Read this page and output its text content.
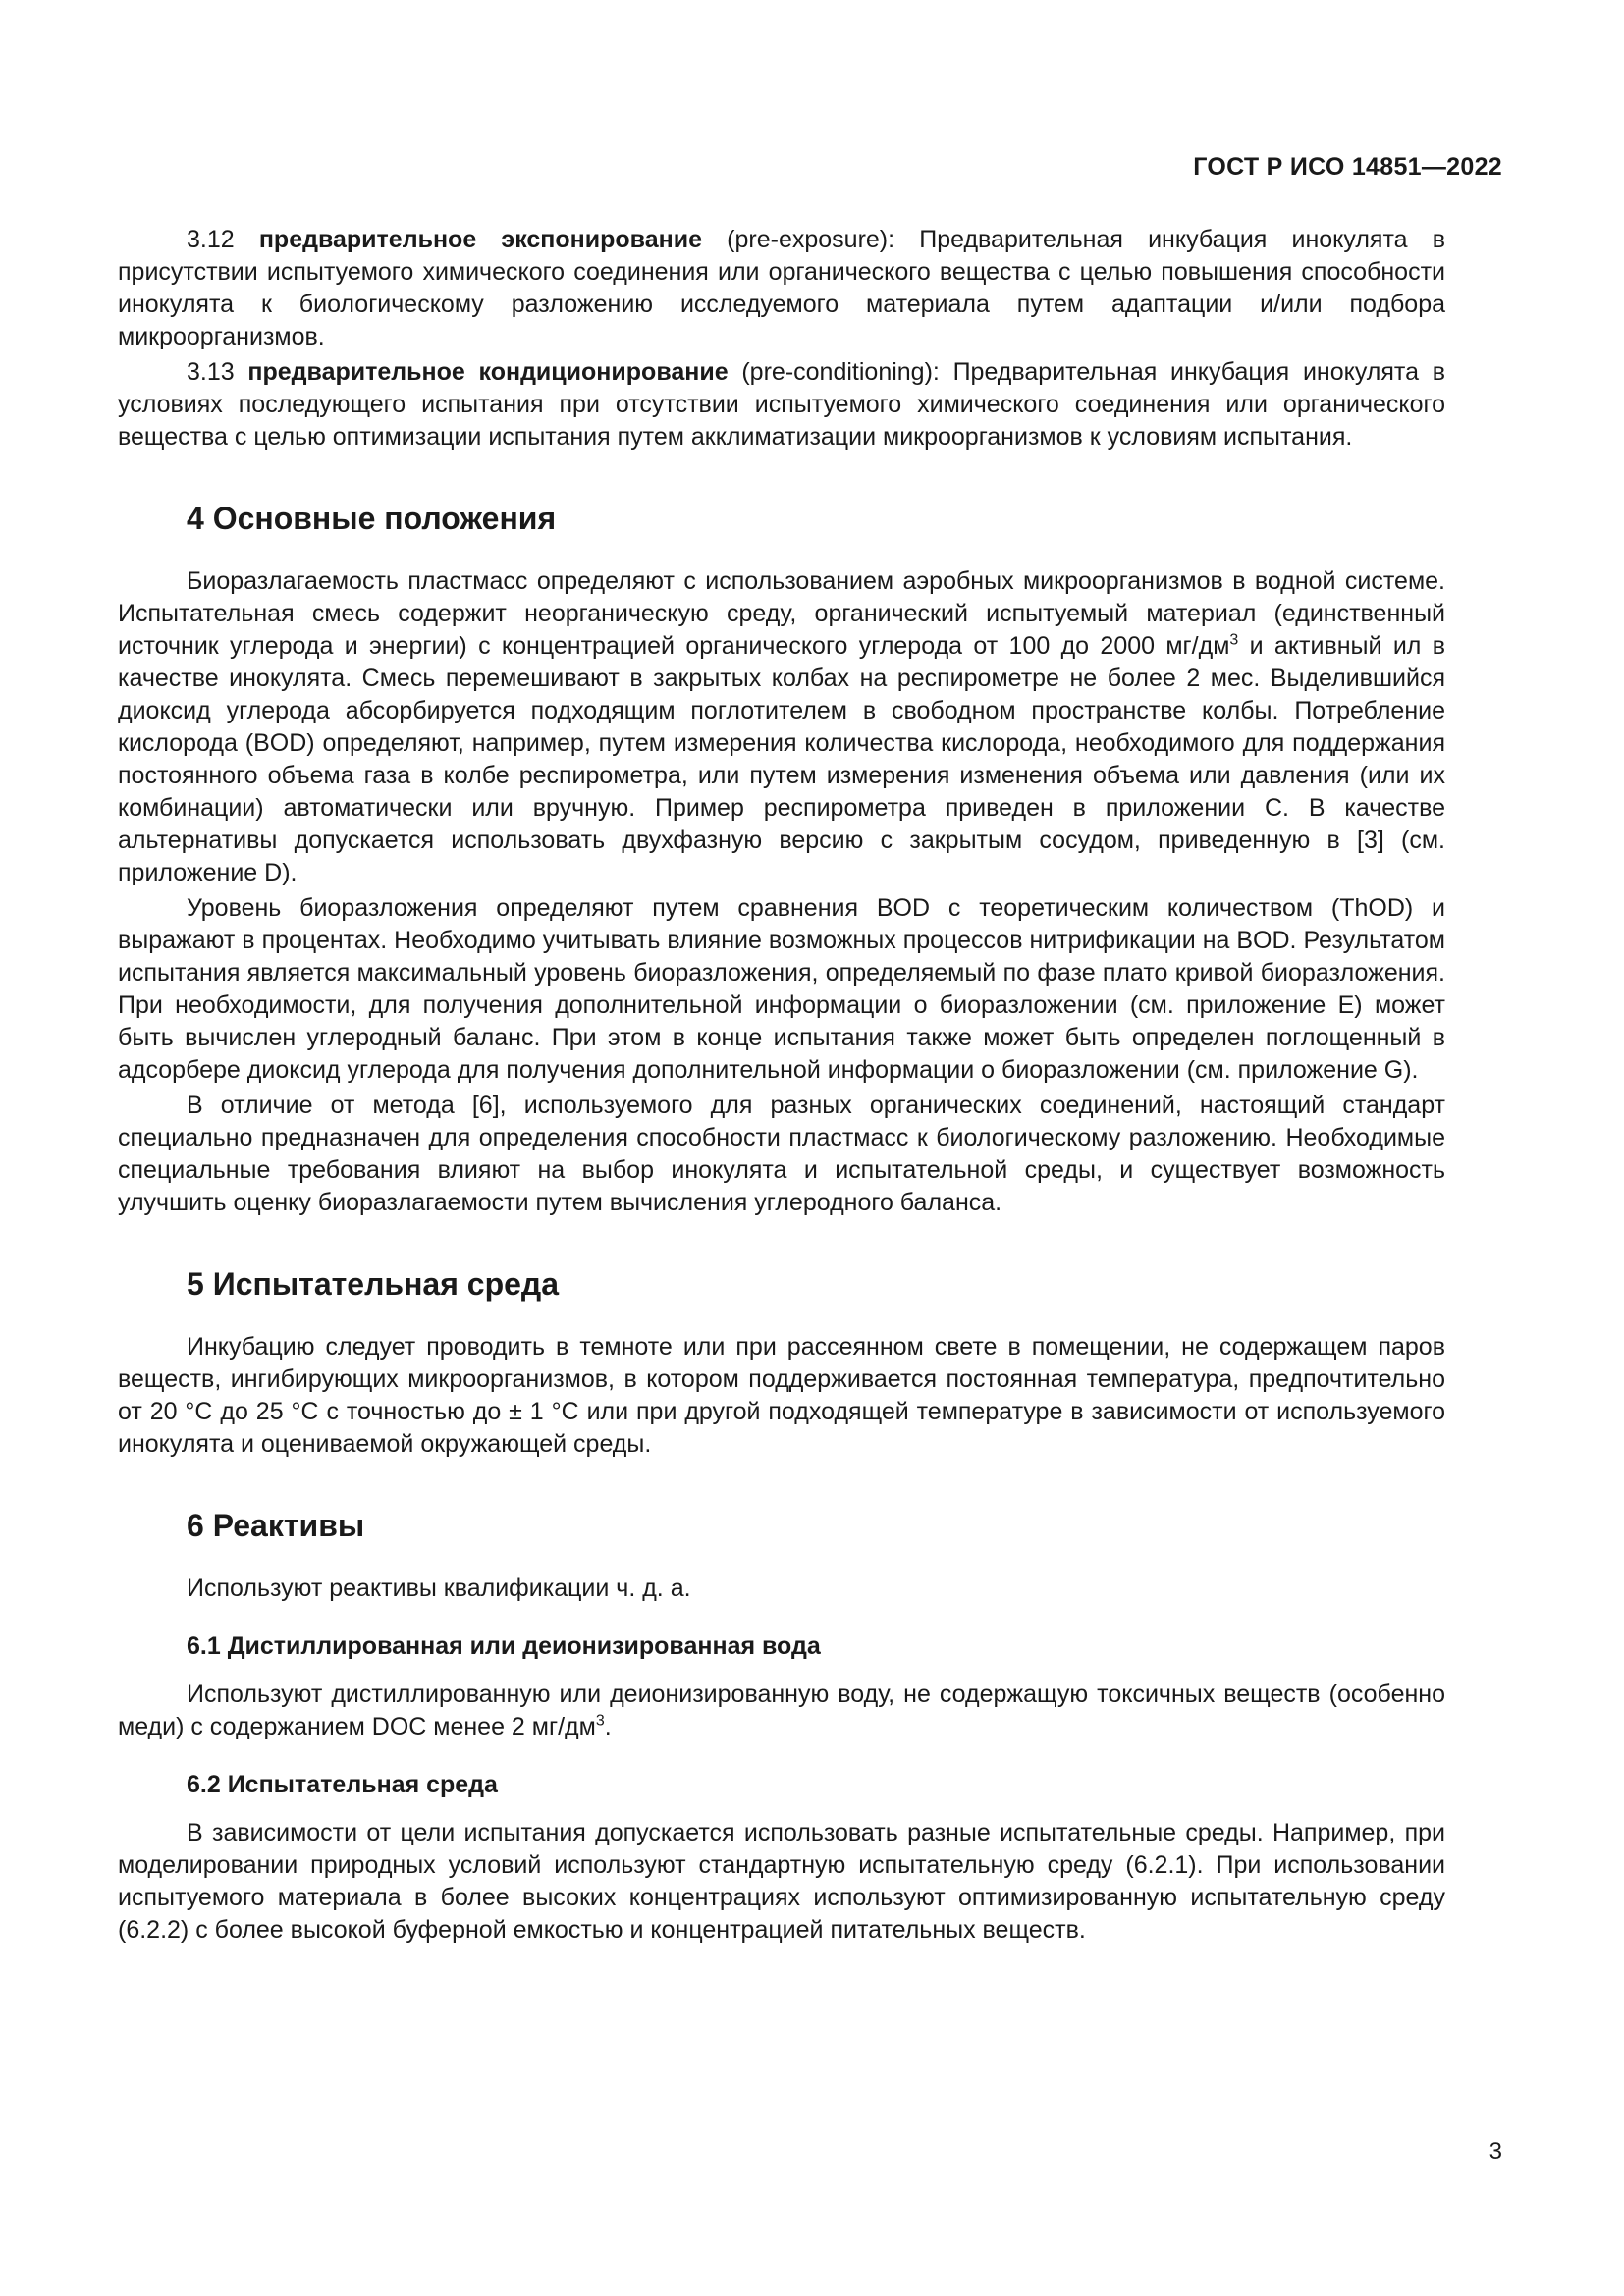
ГОСТ Р ИСО 14851—2022

3.12 предварительное экспонирование (pre-exposure): Предварительная инкубация инокулята в присутствии испытуемого химического соединения или органического вещества с целью повышения способности инокулята к биологическому разложению исследуемого материала путем адаптации и/или подбора микроорганизмов.

3.13 предварительное кондиционирование (pre-conditioning): Предварительная инкубация инокулята в условиях последующего испытания при отсутствии испытуемого химического соединения или органического вещества с целью оптимизации испытания путем акклиматизации микроорганизмов к условиям испытания.

4 Основные положения

Биоразлагаемость пластмасс определяют с использованием аэробных микроорганизмов в водной системе. Испытательная смесь содержит неорганическую среду, органический испытуемый материал (единственный источник углерода и энергии) с концентрацией органического углерода от 100 до 2000 $мг/дм^3$ и активный ил в качестве инокулята. Смесь перемешивают в закрытых колбах на респирометре не более 2 мес. Выделившийся диоксид углерода абсорбируется подходящим поглотителем в свободном пространстве колбы. Потребление кислорода (BOD) определяют, например, путем измерения количества кислорода, необходимого для поддержания постоянного объема газа в колбе респирометра, или путем измерения изменения объема или давления (или их комбинации) автоматически или вручную. Пример респирометра приведен в приложении C. В качестве альтернативы допускается использовать двухфазную версию с закрытым сосудом, приведенную в [3] (см. приложение D).

Уровень биоразложения определяют путем сравнения BOD с теоретическим количеством (ThOD) и выражают в процентах. Необходимо учитывать влияние возможных процессов нитрификации на BOD. Результатом испытания является максимальный уровень биоразложения, определяемый по фазе плато кривой биоразложения. При необходимости, для получения дополнительной информации о биоразложении (см. приложение E) может быть вычислен углеродный баланс. При этом в конце испытания также может быть определен поглощенный в адсорбере диоксид углерода для получения дополнительной информации о биоразложении (см. приложение G).

В отличие от метода [6], используемого для разных органических соединений, настоящий стандарт специально предназначен для определения способности пластмасс к биологическому разложению. Необходимые специальные требования влияют на выбор инокулята и испытательной среды, и существует возможность улучшить оценку биоразлагаемости путем вычисления углеродного баланса.

5 Испытательная среда

Инкубацию следует проводить в темноте или при рассеянном свете в помещении, не содержащем паров веществ, ингибирующих микроорганизмов, в котором поддерживается постоянная температура, предпочтительно от 20 °С до 25 °С с точностью до ± 1 °С или при другой подходящей температуре в зависимости от используемого инокулята и оцениваемой окружающей среды.

6 Реактивы

Используют реактивы квалификации ч. д. а.

6.1 Дистиллированная или деионизированная вода

Используют дистиллированную или деионизированную воду, не содержащую токсичных веществ (особенно меди) с содержанием DOC менее 2 $мг/дм^3$.

6.2 Испытательная среда

В зависимости от цели испытания допускается использовать разные испытательные среды. Например, при моделировании природных условий используют стандартную испытательную среду (6.2.1). При использовании испытуемого материала в более высоких концентрациях используют оптимизированную испытательную среду (6.2.2) с более высокой буферной емкостью и концентрацией питательных веществ.

3
